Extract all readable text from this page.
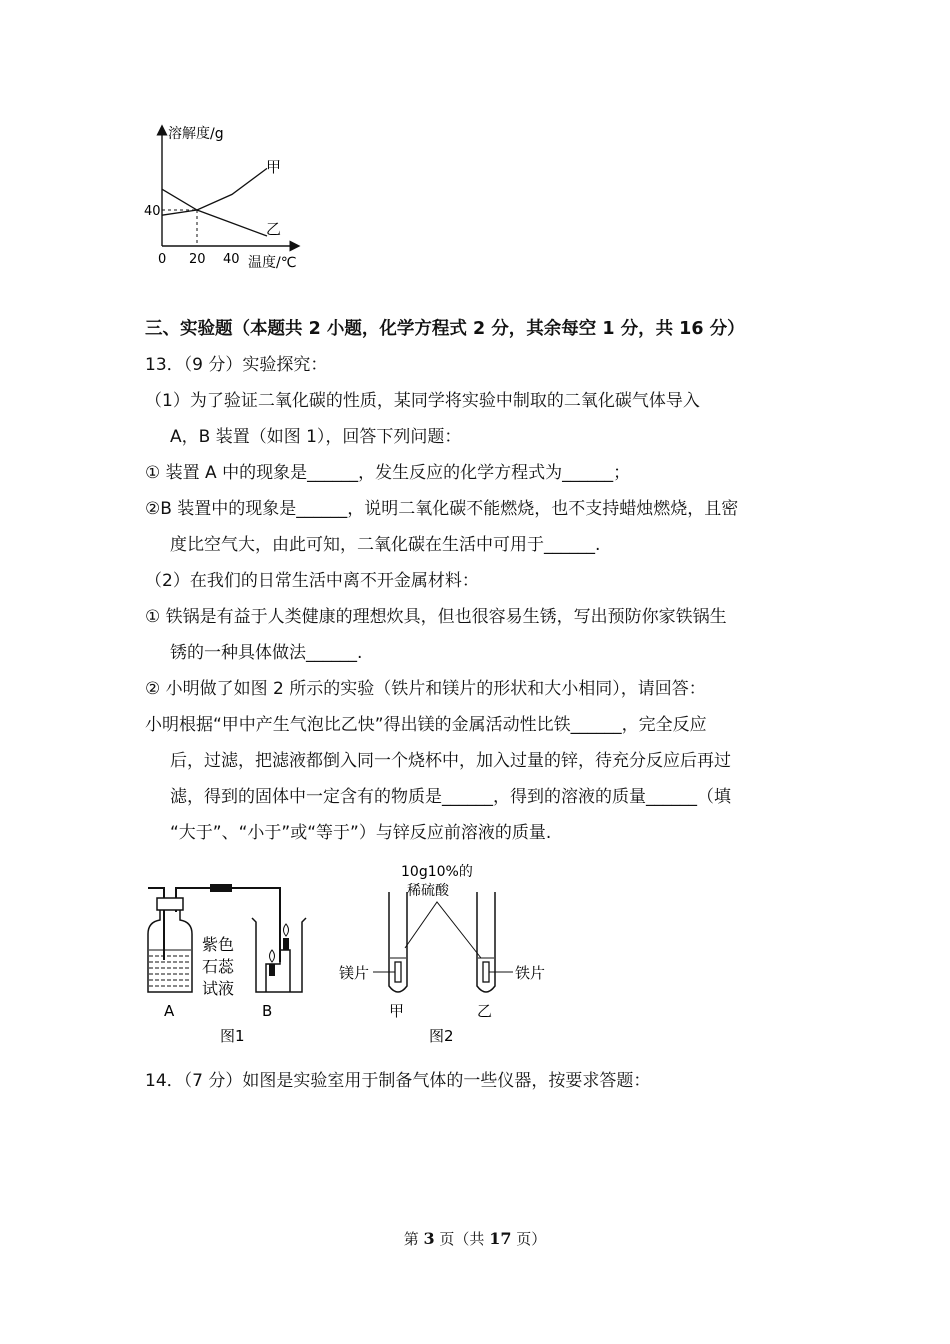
溶解度/g
温度/℃
甲
乙
40
0 20 40
三、实验题（本题共 2 小题，化学方程式 2 分，其余每空 1 分，共 16 分）
13．（9 分）实验探究：
（1）为了验证二氧化碳的性质，某同学将实验中制取的二氧化碳气体导入
A，B 装置（如图 1），回答下列问题：
① 装置 A 中的现象是______，发生反应的化学方程式为______；
②B 装置中的现象是______，说明二氧化碳不能燃烧，也不支持蜡烛燃烧，且密
度比空气大，由此可知，二氧化碳在生活中可用于______.
（2）在我们的日常生活中离不开金属材料：
① 铁锅是有益于人类健康的理想炊具，但也很容易生锈，写出预防你家铁锅生
锈的一种具体做法______.
② 小明做了如图 2 所示的实验（铁片和镁片的形状和大小相同），请回答：
小明根据“甲中产生气泡比乙快”得出镁的金属活动性比铁______，完全反应
后，过滤，把滤液都倒入同一个烧杯中，加入过量的锌，待充分反应后再过
滤，得到的固体中一定含有的物质是______，得到的溶液的质量______（填
“大于”、“小于”或“等于”）与锌反应前溶液的质量.
紫色
石蕊
试液
A	B
图1
10g10%的
稀硫酸
镁片	铁片
甲	乙
图2
14．（7 分）如图是实验室用于制备气体的一些仪器，按要求答题：
第 3 页（共 17 页）
